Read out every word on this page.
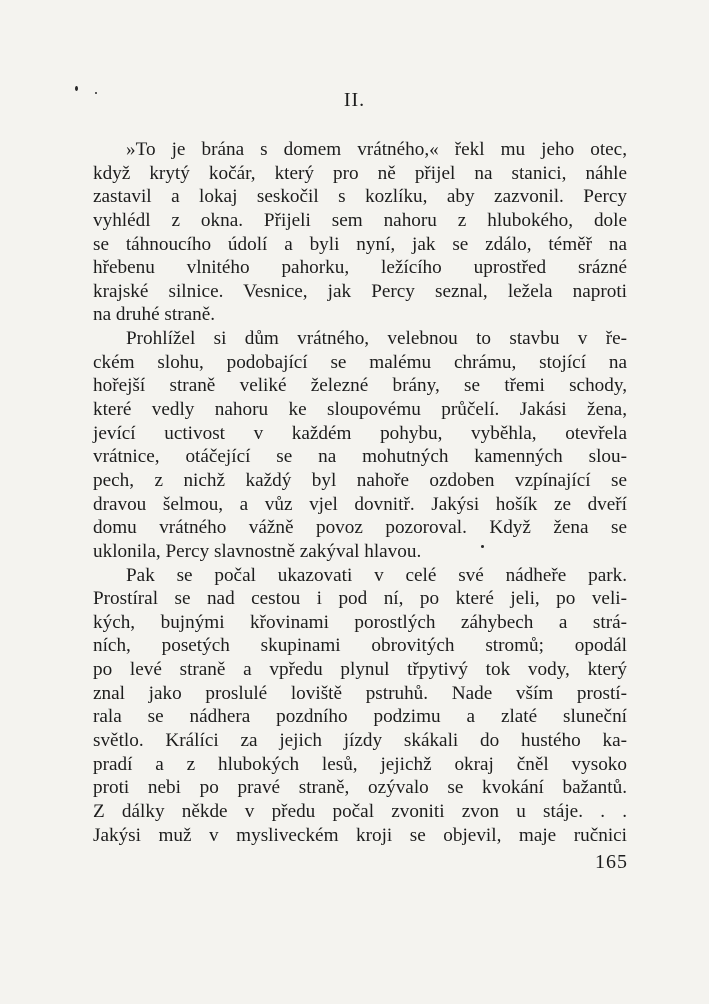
II.
»To je brána s domem vrátného,« řekl mu jeho otec,
když krytý kočár, který pro ně přijel na stanici, náhle
zastavil a lokaj seskočil s kozlíku, aby zazvonil. Percy
vyhlédl z okna. Přijeli sem nahoru z hlubokého, dole
se táhnoucího údolí a byli nyní, jak se zdálo, téměř na
hřebenu vlnitého pahorku, ležícího uprostřed srázné
krajské silnice. Vesnice, jak Percy seznal, ležela naproti
na druhé straně.
Prohlížel si dům vrátného, velebnou to stavbu v ře-
ckém slohu, podobající se malému chrámu, stojící na
hořejší straně veliké železné brány, se třemi schody,
které vedly nahoru ke sloupovému průčelí. Jakási žena,
jevící uctivost v každém pohybu, vyběhla, otevřela
vrátnice, otáčející se na mohutných kamenných slou-
pech, z nichž každý byl nahoře ozdoben vzpínající se
dravou šelmou, a vůz vjel dovnitř. Jakýsi hošík ze dveří
domu vrátného vážně povoz pozoroval. Když žena se
uklonila, Percy slavnostně zakýval hlavou.
Pak se počal ukazovati v celé své nádheře park.
Prostíral se nad cestou i pod ní, po které jeli, po veli-
kých, bujnými křovinami porostlých záhybech a strá-
ních, posetých skupinami obrovitých stromů; opodál
po levé straně a vpředu plynul třpytivý tok vody, který
znal jako proslulé loviště pstruhů. Nade vším prostí-
rala se nádhera pozdního podzimu a zlaté sluneční
světlo. Králíci za jejich jízdy skákali do hustého ka-
pradí a z hlubokých lesů, jejichž okraj čněl vysoko
proti nebi po pravé straně, ozývalo se kvokání bažantů.
Z dálky někde v předu počal zvoniti zvon u stáje. . .
Jakýsi muž v mysliveckém kroji se objevil, maje ručnici
165
